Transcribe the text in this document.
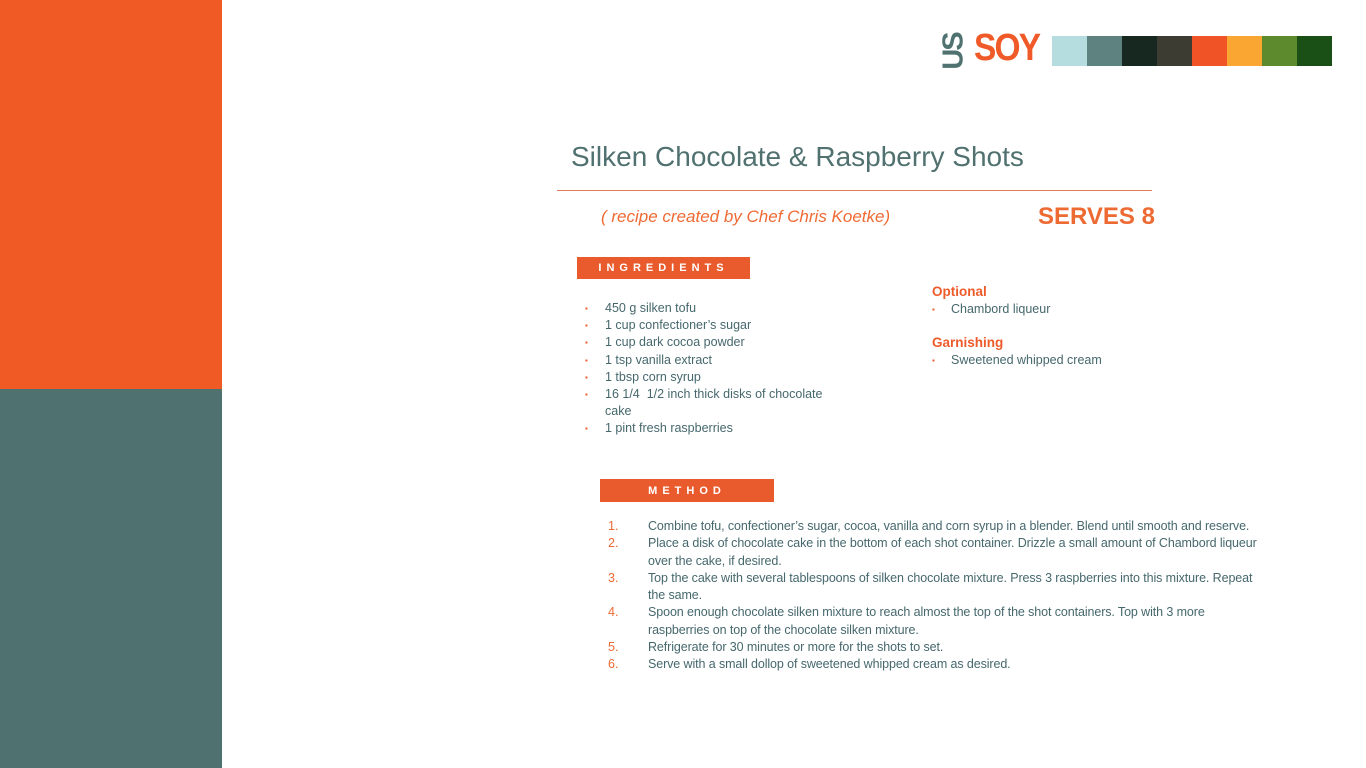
US SOY
Silken Chocolate & Raspberry Shots
( recipe created by Chef Chris Koetke)	SERVES 8
INGREDIENTS
▪	450 g silken tofu
▪	1 cup confectioner’s sugar
▪	1 cup dark cocoa powder
▪	1 tsp vanilla extract
▪	1 tbsp corn syrup
▪	16 1/4  1/2 inch thick disks of chocolate cake
▪	1 pint fresh raspberries
Optional
▪	Chambord liqueur
Garnishing
▪	Sweetened whipped cream
METHOD
1.	Combine tofu, confectioner’s sugar, cocoa, vanilla and corn syrup in a blender. Blend until smooth and reserve.
2.	Place a disk of chocolate cake in the bottom of each shot container. Drizzle a small amount of Chambord liqueur over the cake, if desired.
3.	Top the cake with several tablespoons of silken chocolate mixture. Press 3 raspberries into this mixture. Repeat the same.
4.	Spoon enough chocolate silken mixture to reach almost the top of the shot containers. Top with 3 more raspberries on top of the chocolate silken mixture.
5.	Refrigerate for 30 minutes or more for the shots to set.
6.	Serve with a small dollop of sweetened whipped cream as desired.
